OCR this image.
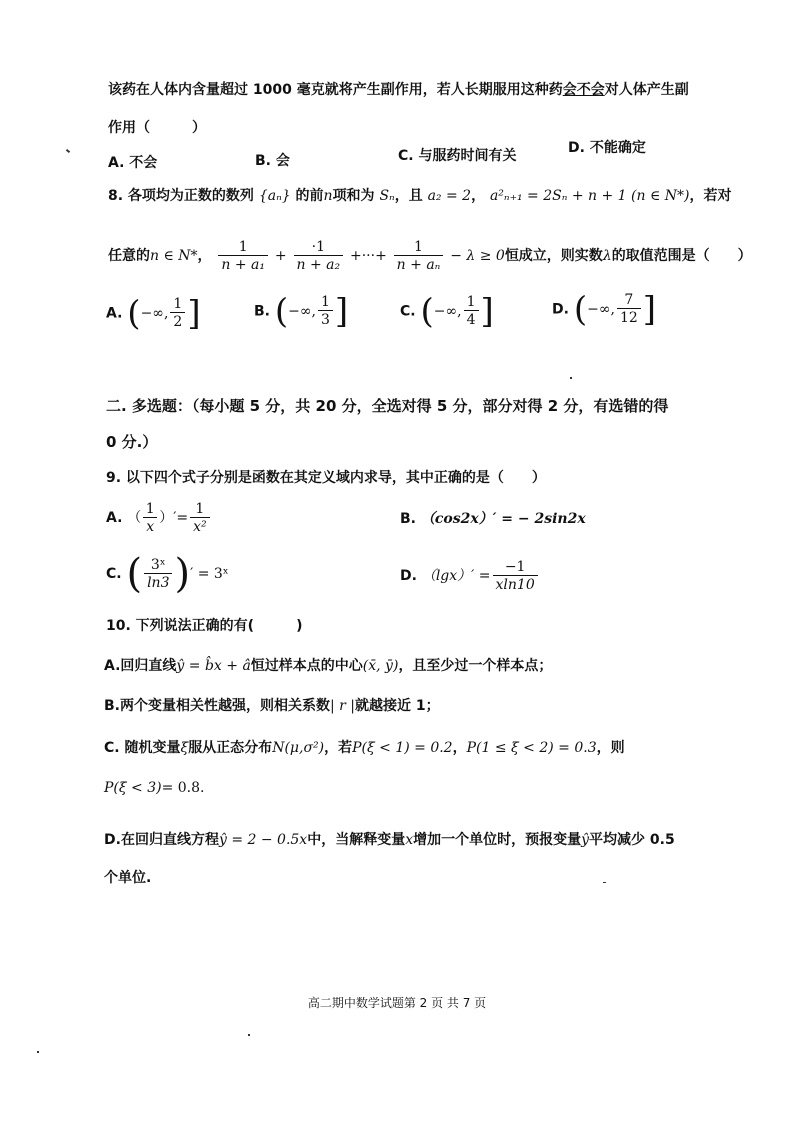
该药在人体内含量超过 1000 毫克就将产生副作用，若人长期服用这种药会不会对人体产生副
作用（　　　）
A. 不会	B. 会	C. 与服药时间有关	D. 不能确定
8. 各项均为正数的数列 {aₙ} 的前n项和为 Sₙ，且 a₂ = 2， a²ₙ₊₁ = 2Sₙ + n + 1 (n ∈ N*)，若对
任意的n ∈ N*， $\frac{1}{\text{n + a₁}} + \frac{\cdot 1}{\text{n + a₂}}$ +···+ $\frac{1}{\text{n + aₙ}} - \lambda \ge 0$恒成立，则实数λ的取值范围是（　　）
A. (−∞, $\frac{1}{2}$ ]	B. (−∞, $\frac{1}{3}$ ]	C. (−∞, $\frac{1}{4}$ ]	D. (−∞, $\frac{7}{12}$ ]
二. 多选题：（每小题 5 分，共 20 分，全选对得 5 分，部分对得 2 分，有选错的得
0 分.）
9. 以下四个式子分别是函数在其定义域内求导，其中正确的是（　　）
A. （ $\frac{1}{x}$ ）′= $\frac{1}{\text{x²}}$	B. （cos2x）′ = − 2sin2x
C. ( $\frac{\text{3ˣ}}{\ln 3}$ )′ = 3ˣ	D. $(\lg x)' = \frac{-1}{xln10}$
10. 下列说法正确的有(　　　)
A.回归直线ŷ = b̂x + â恒过样本点的中心(x̄, ȳ)，且至少过一个样本点；
B.两个变量相关性越强，则相关系数| r |就越接近 1；
C. 随机变量ξ服从正态分布N(μ,σ²)，若P(ξ < 1) = 0.2，P(1 ≤ ξ < 2) = 0.3，则
P(ξ < 3)= 0.8.
D.在回归直线方程ŷ = 2 − 0.5x中，当解释变量x增加一个单位时，预报变量ŷ平均减少 0.5
个单位.
高二期中数学试题第 2 页 共 7 页
